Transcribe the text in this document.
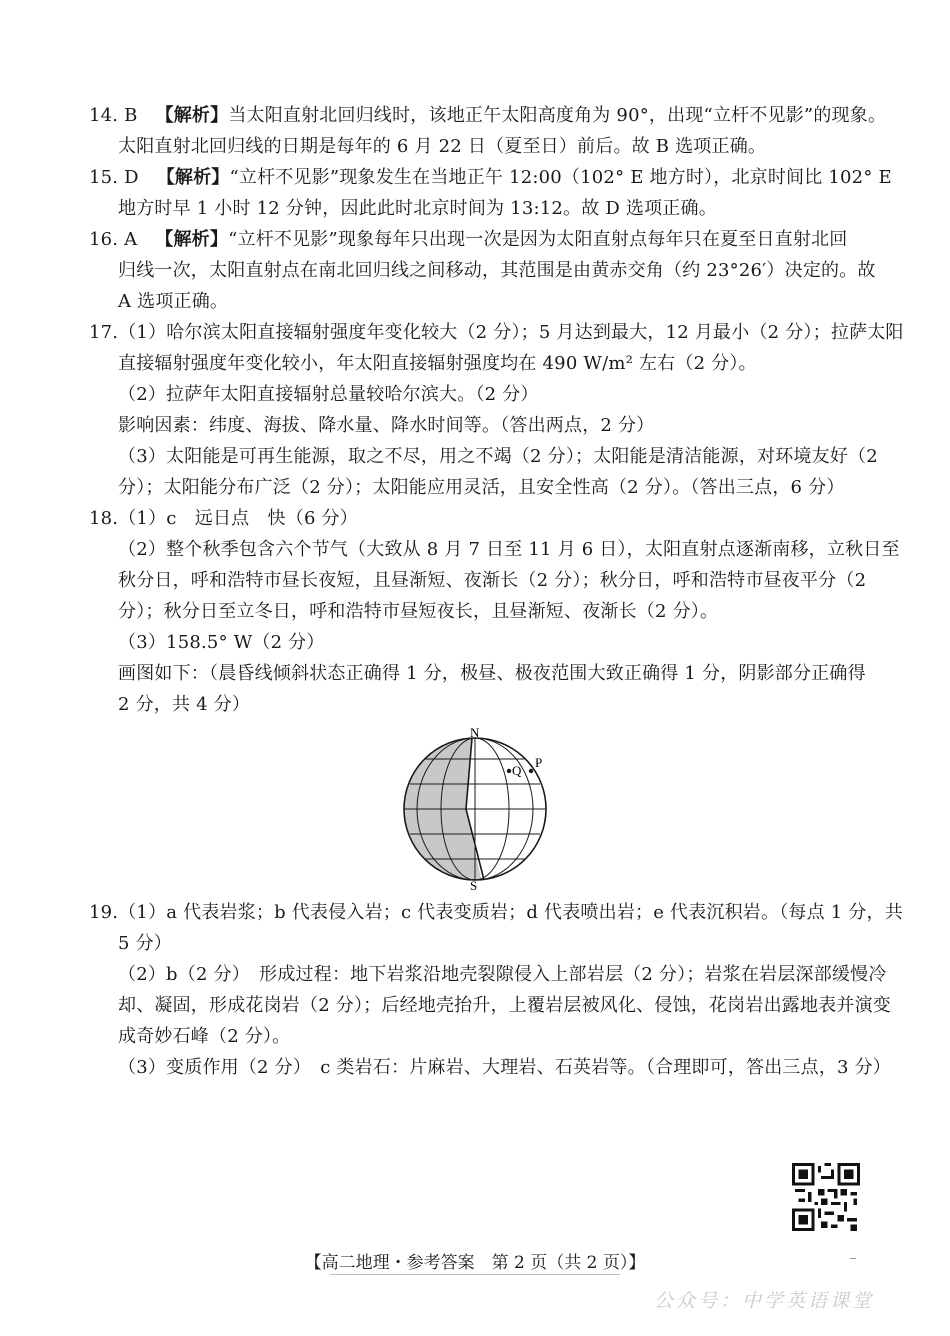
14. B 【解析】当太阳直射北回归线时，该地正午太阳高度角为 90°，出现“立杆不见影”的现象。
太阳直射北回归线的日期是每年的 6 月 22 日（夏至日）前后。故 B 选项正确。
15. D 【解析】“立杆不见影”现象发生在当地正午 12:00（102° E 地方时），北京时间比 102° E
地方时早 1 小时 12 分钟，因此此时北京时间为 13:12。故 D 选项正确。
16. A 【解析】“立杆不见影”现象每年只出现一次是因为太阳直射点每年只在夏至日直射北回
归线一次，太阳直射点在南北回归线之间移动，其范围是由黄赤交角（约 23°26′）决定的。故
A 选项正确。
17.（1）哈尔滨太阳直接辐射强度年变化较大（2 分）；5 月达到最大，12 月最小（2 分）；拉萨太阳
直接辐射强度年变化较小，年太阳直接辐射强度均在 490 W/m² 左右（2 分）。
（2）拉萨年太阳直接辐射总量较哈尔滨大。（2 分）
影响因素：纬度、海拔、降水量、降水时间等。（答出两点，2 分）
（3）太阳能是可再生能源，取之不尽，用之不竭（2 分）；太阳能是清洁能源，对环境友好（2
分）；太阳能分布广泛（2 分）；太阳能应用灵活，且安全性高（2 分）。（答出三点，6 分）
18.（1）c　远日点　快（6 分）
（2）整个秋季包含六个节气（大致从 8 月 7 日至 11 月 6 日），太阳直射点逐渐南移，立秋日至
秋分日，呼和浩特市昼长夜短，且昼渐短、夜渐长（2 分）；秋分日，呼和浩特市昼夜平分（2
分）；秋分日至立冬日，呼和浩特市昼短夜长，且昼渐短、夜渐长（2 分）。
（3）158.5° W（2 分）
画图如下：（晨昏线倾斜状态正确得 1 分，极昼、极夜范围大致正确得 1 分，阴影部分正确得
2 分，共 4 分）
N
S
Q
P
19.（1）a 代表岩浆；b 代表侵入岩；c 代表变质岩；d 代表喷出岩；e 代表沉积岩。（每点 1 分，共
5 分）
（2）b（2 分）　形成过程：地下岩浆沿地壳裂隙侵入上部岩层（2 分）；岩浆在岩层深部缓慢冷
却、凝固，形成花岗岩（2 分）；后经地壳抬升，上覆岩层被风化、侵蚀，花岗岩出露地表并演变
成奇妙石峰（2 分）。
（3）变质作用（2 分）　c 类岩石：片麻岩、大理岩、石英岩等。（合理即可，答出三点，3 分）
【高二地理・参考答案　第 2 页（共 2 页）】
公众号：中学英语课堂
